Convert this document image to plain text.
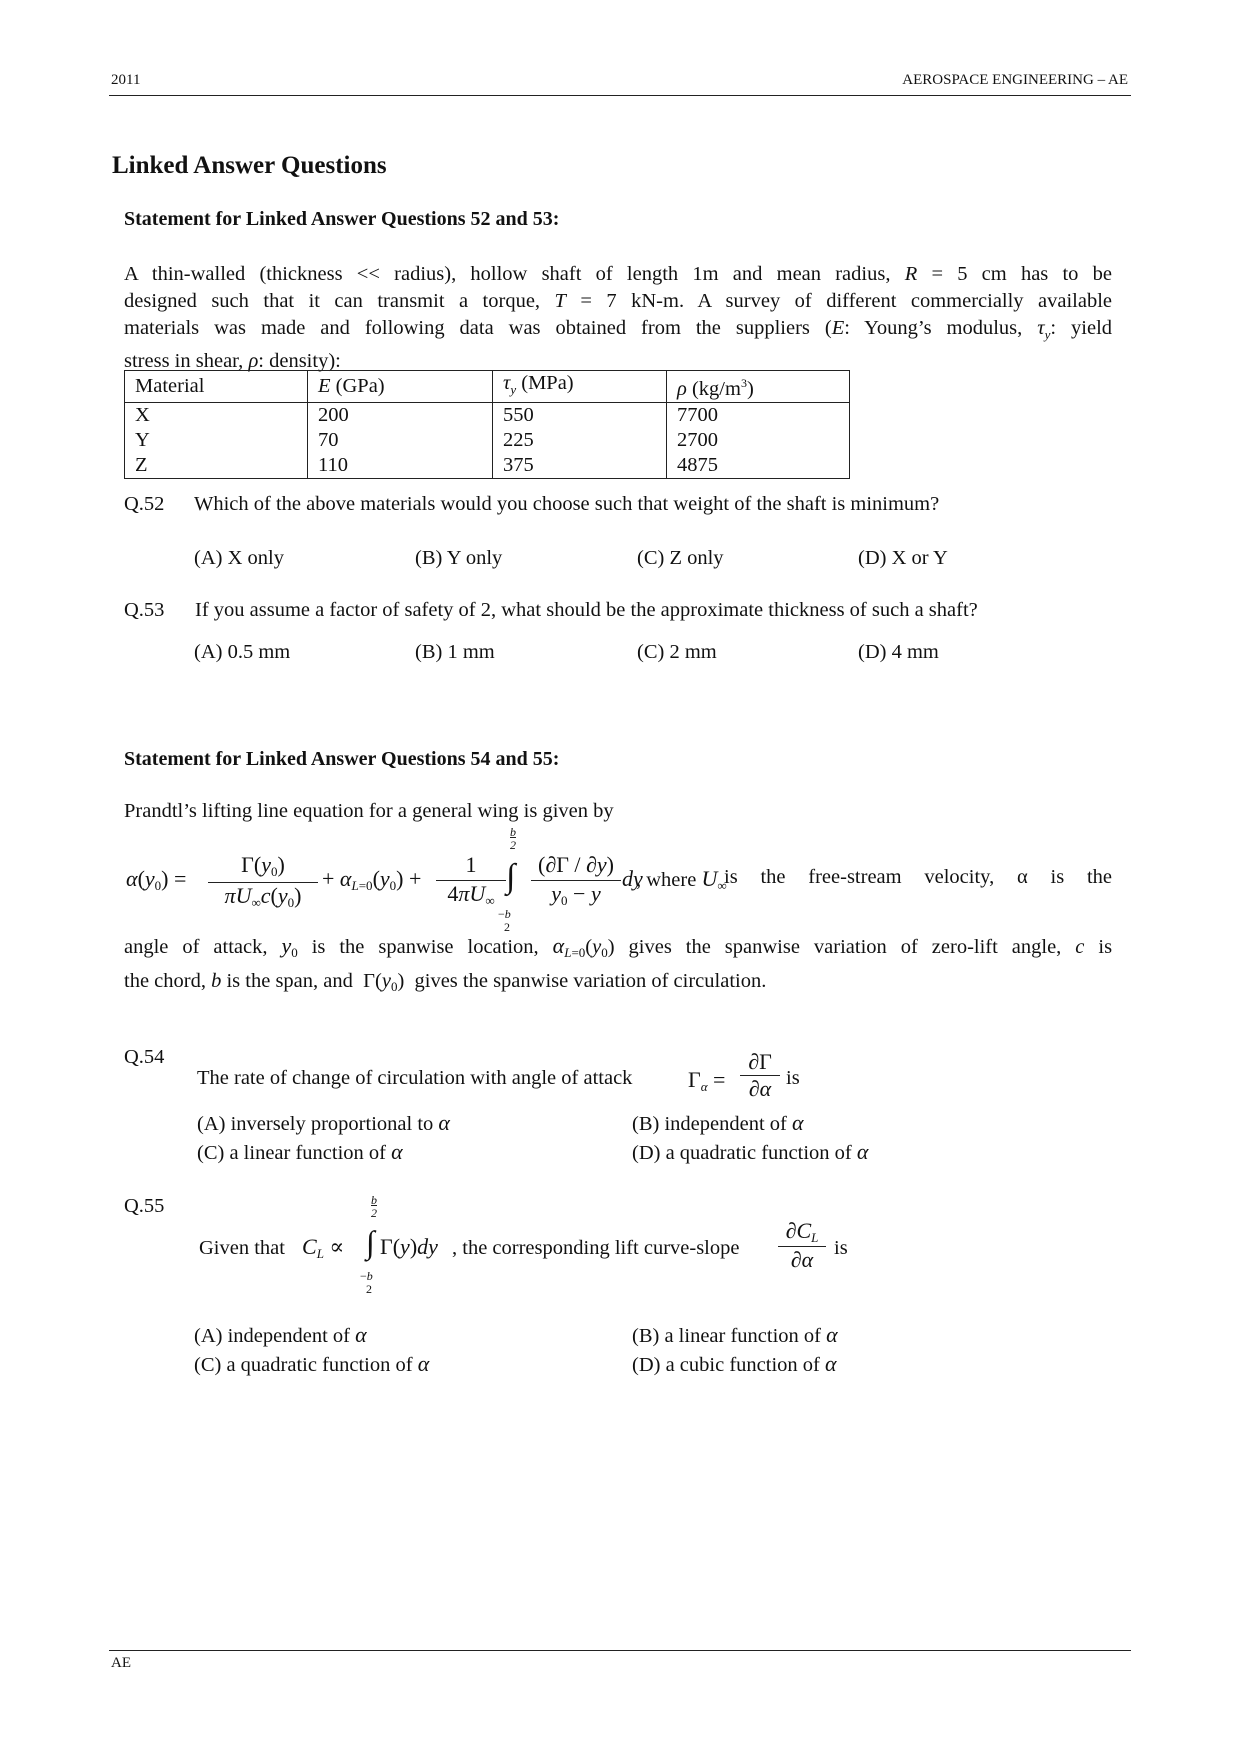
2011	AEROSPACE ENGINEERING – AE
Linked Answer Questions
Statement for Linked Answer Questions 52 and 53:
A thin-walled (thickness << radius), hollow shaft of length 1m and mean radius, R = 5 cm has to be
designed such that it can transmit a torque, T = 7 kN-m. A survey of different commercially available
materials was made and following data was obtained from the suppliers (E: Young’s modulus, $\tau_y$: yield
stress in shear, ρ: density):
Material	E (GPa)	$\tau_y$ (MPa)	ρ $(kg/m^3)$
X	200	550	7700
Y	70	225	2700
Z	110	375	4875
Q.52 Which of the above materials would you choose such that weight of the shaft is minimum?
(A) X only	(B) Y only	(C) Z only	(D) X or Y
Q.53 If you assume a factor of safety of 2, what should be the approximate thickness of such a shaft?
(A) 0.5 mm	(B) 1 mm	(C) 2 mm	(D) 4 mm
Statement for Linked Answer Questions 54 and 55:
Prandtl’s lifting line equation for a general wing is given by
$\alpha(y_0)$ =
$\Gamma(y_0)$
$\pi U_\infty c(y_0)$
+ $\alpha_{L=0}(y_0)$ +
1
$4\pi U_\infty$
b
2
∫
−b
2
(∂Γ / ∂y)
$y_0 - y$
dy
, where $U_\infty$
is the free-stream velocity, α is the
angle of attack, $y_0$ is the spanwise location, $\alpha_{L=0}(y_0)$ gives the spanwise variation of zero-lift angle, c is
the chord, b is the span, and  $\Gamma(y_0)$  gives the spanwise variation of circulation.
Q.54
The rate of change of circulation with angle of attack	$\Gamma_\alpha$ =
∂Γ
∂α is
(A) inversely proportional to α	(B) independent of α
(C) a linear function of α	(D) a quadratic function of α
Q.55
Given that $C_L$ ∝
b
2
∫
−b
2
Γ(y)dy , the corresponding lift curve-slope
$\partial C_L$
∂α	is
(A) independent of α	(B) a linear function of α
(C) a quadratic function of α	(D) a cubic function of α
AE
